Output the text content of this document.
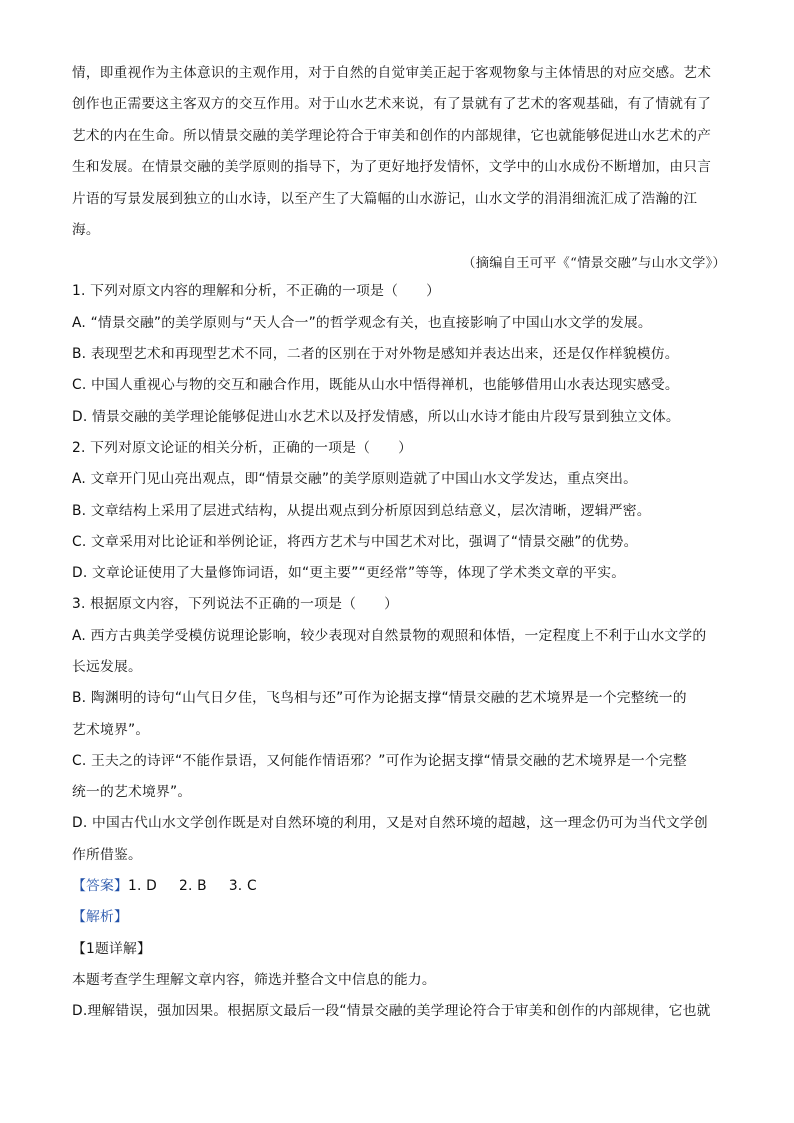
情，即重视作为主体意识的主观作用，对于自然的自觉审美正起于客观物象与主体情思的对应交感。艺术

创作也正需要这主客双方的交互作用。对于山水艺术来说，有了景就有了艺术的客观基础，有了情就有了

艺术的内在生命。所以情景交融的美学理论符合于审美和创作的内部规律，它也就能够促进山水艺术的产

生和发展。在情景交融的美学原则的指导下，为了更好地抒发情怀，文学中的山水成份不断增加，由只言

片语的写景发展到独立的山水诗，以至产生了大篇幅的山水游记，山水文学的涓涓细流汇成了浩瀚的江

海。

（摘编自王可平《“情景交融”与山水文学》）

1. 下列对原文内容的理解和分析，不正确的一项是（　　）

A. “情景交融”的美学原则与“天人合一”的哲学观念有关，也直接影响了中国山水文学的发展。

B. 表现型艺术和再现型艺术不同，二者的区别在于对外物是感知并表达出来，还是仅作样貌模仿。

C. 中国人重视心与物的交互和融合作用，既能从山水中悟得禅机，也能够借用山水表达现实感受。

D. 情景交融的美学理论能够促进山水艺术以及抒发情感，所以山水诗才能由片段写景到独立文体。

2. 下列对原文论证的相关分析，正确的一项是（　　）

A. 文章开门见山亮出观点，即“情景交融”的美学原则造就了中国山水文学发达，重点突出。

B. 文章结构上采用了层进式结构，从提出观点到分析原因到总结意义，层次清晰，逻辑严密。

C. 文章采用对比论证和举例论证，将西方艺术与中国艺术对比，强调了“情景交融”的优势。

D. 文章论证使用了大量修饰词语，如“更主要”“更经常”等等，体现了学术类文章的平实。

3. 根据原文内容，下列说法不正确的一项是（　　）

A. 西方古典美学受模仿说理论影响，较少表现对自然景物的观照和体悟，一定程度上不利于山水文学的

长远发展。

B. 陶渊明的诗句“山气日夕佳，飞鸟相与还”可作为论据支撑“情景交融的艺术境界是一个完整统一的

艺术境界”。

C. 王夫之的诗评“不能作景语，又何能作情语邪？”可作为论据支撑“情景交融的艺术境界是一个完整

统一的艺术境界”。

D. 中国古代山水文学创作既是对自然环境的利用，又是对自然环境的超越，这一理念仍可为当代文学创

作所借鉴。

【答案】1. D 2. B 3. C

【解析】

【1题详解】

本题考查学生理解文章内容，筛选并整合文中信息的能力。

D.理解错误，强加因果。根据原文最后一段“情景交融的美学理论符合于审美和创作的内部规律，它也就
